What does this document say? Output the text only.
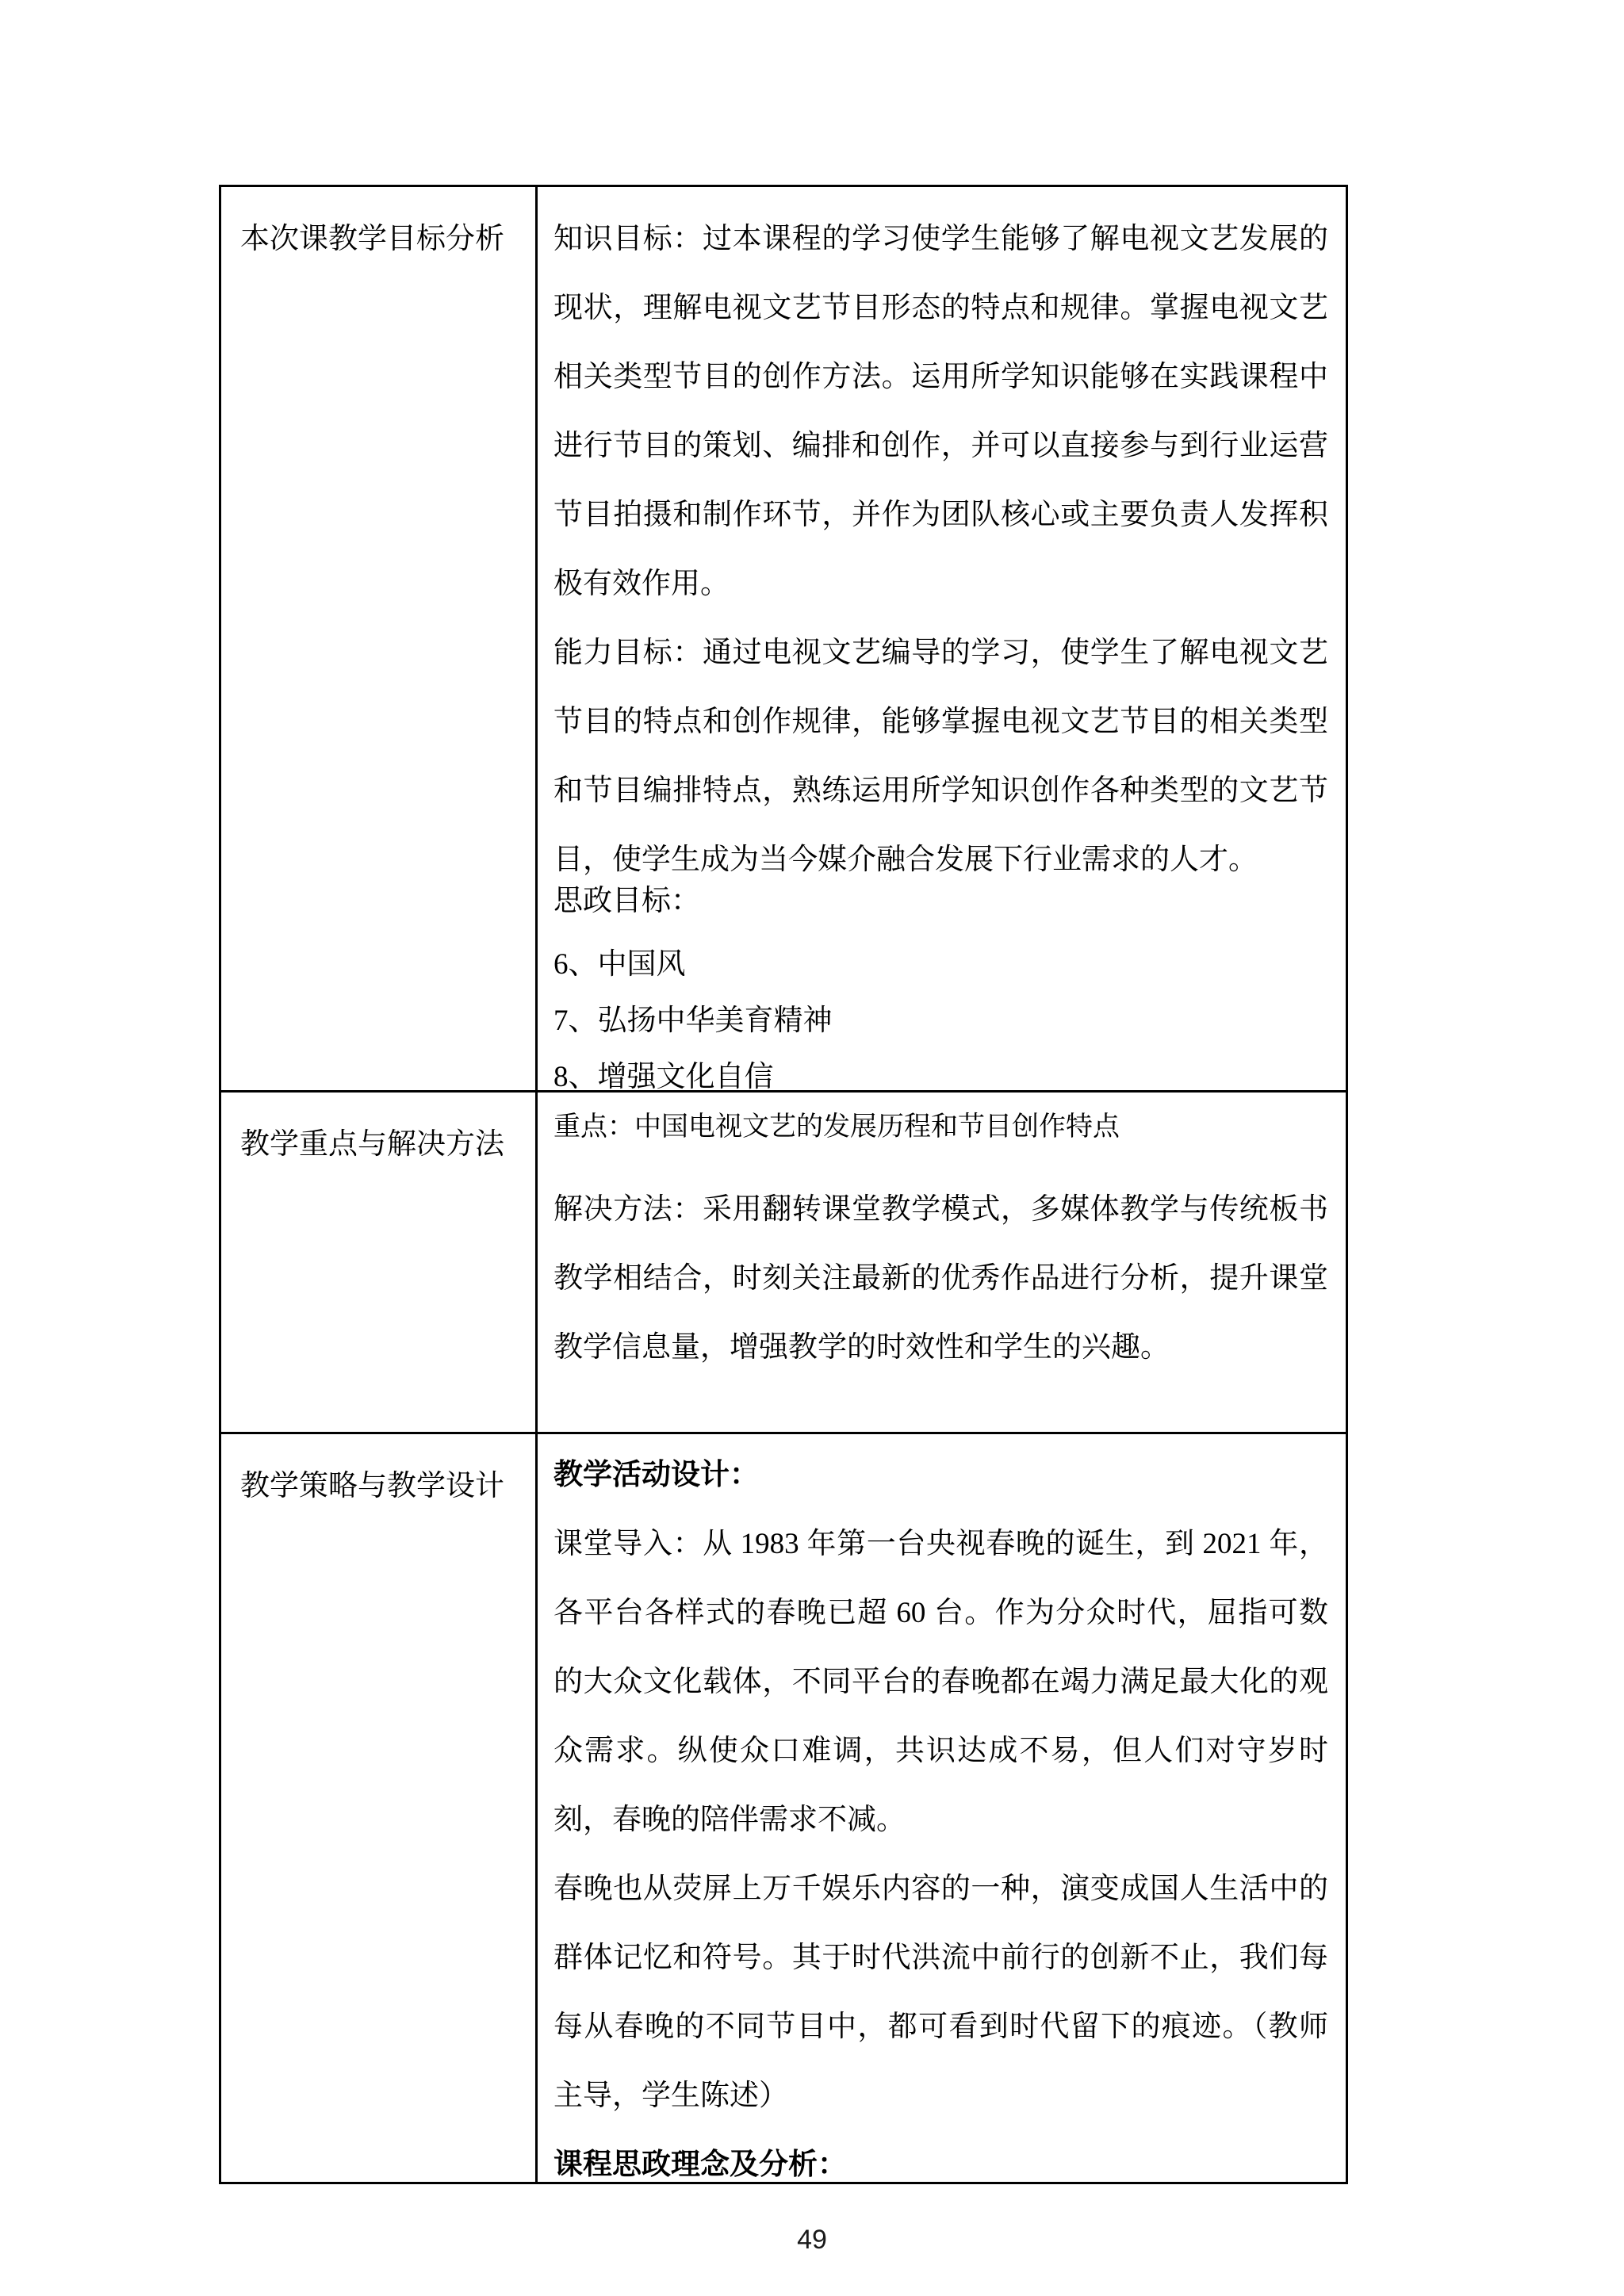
本次课教学目标分析	知识目标：过本课程的学习使学生能够了解电视文艺发展的现状，理解电视文艺节目形态的特点和规律。掌握电视文艺相关类型节目的创作方法。运用所学知识能够在实践课程中进行节目的策划、编排和创作，并可以直接参与到行业运营节目拍摄和制作环节，并作为团队核心或主要负责人发挥积极有效作用。

能力目标：通过电视文艺编导的学习，使学生了解电视文艺节目的特点和创作规律，能够掌握电视文艺节目的相关类型和节目编排特点，熟练运用所学知识创作各种类型的文艺节目，使学生成为当今媒介融合发展下行业需求的人才。

思政目标：

6、中国风

7、弘扬中华美育精神

8、增强文化自信

教学重点与解决方法

重点：中国电视文艺的发展历程和节目创作特点

解决方法：采用翻转课堂教学模式，多媒体教学与传统板书教学相结合，时刻关注最新的优秀作品进行分析，提升课堂教学信息量，增强教学的时效性和学生的兴趣。

教学策略与教学设计	教学活动设计：

课堂导入：从 1983 年第一台央视春晚的诞生，到 2021 年，各平台各样式的春晚已超 60 台。作为分众时代，屈指可数的大众文化载体，不同平台的春晚都在竭力满足最大化的观众需求。纵使众口难调，共识达成不易，但人们对守岁时刻，春晚的陪伴需求不减。

春晚也从荧屏上万千娱乐内容的一种，演变成国人生活中的群体记忆和符号。其于时代洪流中前行的创新不止，我们每每从春晚的不同节目中，都可看到时代留下的痕迹。（教师主导，学生陈述）

课程思政理念及分析：

49
